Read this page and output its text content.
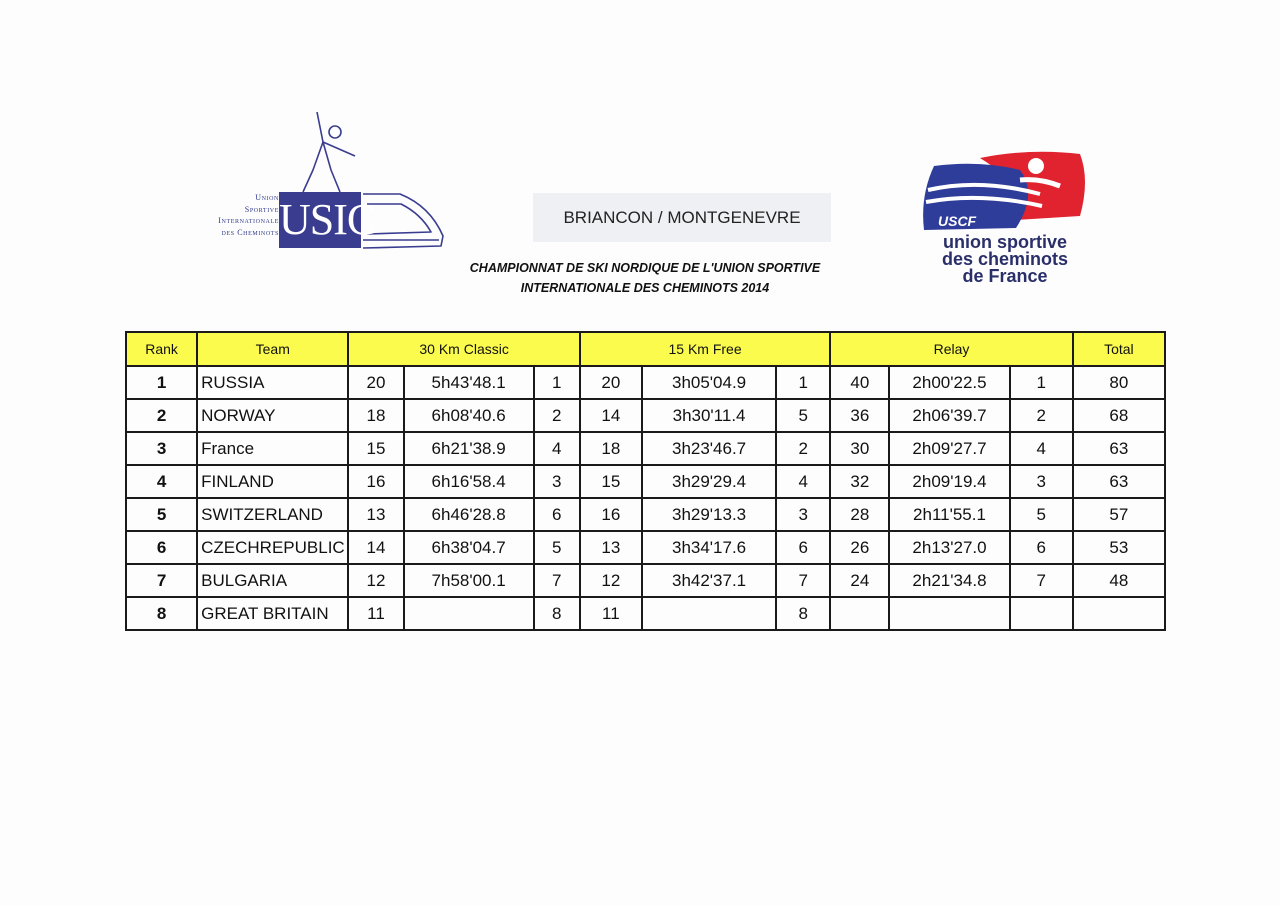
Union
Sportive
Internationale
des Cheminots USIC	BRIANCON / MONTGENEVRE
CHAMPIONNAT DE SKI NORDIQUE DE L'UNION SPORTIVE
INTERNATIONALE DES CHEMINOTS 2014
USCF
union sportive
des cheminots
de France
Rank	Team	30 Km Classic			15 Km Free			Relay			Total
1	RUSSIA	20	5h43'48.1	1	20	3h05'04.9	1	40	2h00'22.5	1	80
2	NORWAY	18	6h08'40.6	2	14	3h30'11.4	5	36	2h06'39.7	2	68
3	France	15	6h21'38.9	4	18	3h23'46.7	2	30	2h09'27.7	4	63
4	FINLAND	16	6h16'58.4	3	15	3h29'29.4	4	32	2h09'19.4	3	63
5	SWITZERLAND	13	6h46'28.8	6	16	3h29'13.3	3	28	2h11'55.1	5	57
6	CZECHREPUBLIC	14	6h38'04.7	5	13	3h34'17.6	6	26	2h13'27.0	6	53
7	BULGARIA	12	7h58'00.1	7	12	3h42'37.1	7	24	2h21'34.8	7	48
8	GREAT BRITAIN	11		8	11		8				
